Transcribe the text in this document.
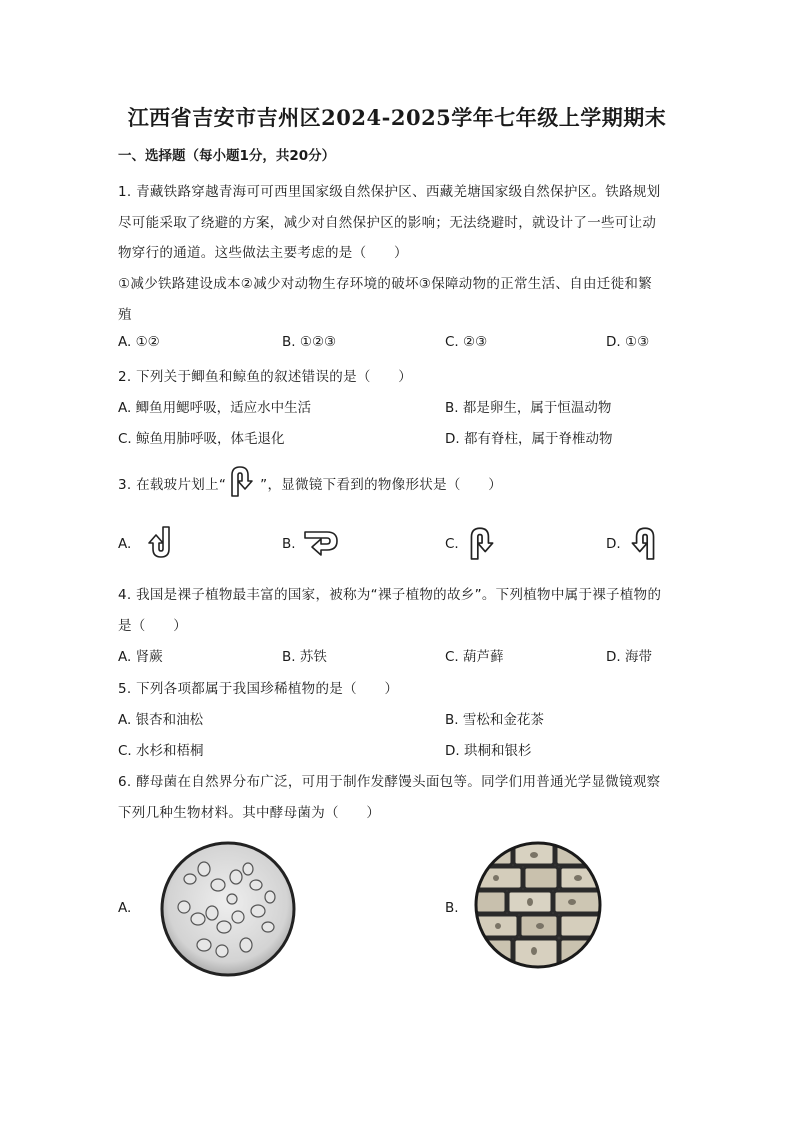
江西省吉安市吉州区2024-2025学年七年级上学期期末
一、选择题（每小题1分，共20分）
1. 青藏铁路穿越青海可可西里国家级自然保护区、西藏羌塘国家级自然保护区。铁路规划
尽可能采取了绕避的方案，减少对自然保护区的影响；无法绕避时，就设计了一些可让动
物穿行的通道。这些做法主要考虑的是（　　）
①减少铁路建设成本②减少对动物生存环境的破坏③保障动物的正常生活、自由迁徙和繁
殖
A. ①②	B. ①②③	C. ②③	D. ①③
2. 下列关于鲫鱼和鲸鱼的叙述错误的是（　　）
A. 鲫鱼用鳃呼吸，适应水中生活	B. 都是卵生，属于恒温动物
C. 鲸鱼用肺呼吸，体毛退化	D. 都有脊柱，属于脊椎动物
3. 在载玻片划上“	”，显微镜下看到的物像形状是（　　）
A.	B.	C.	D.
4. 我国是裸子植物最丰富的国家，被称为“裸子植物的故乡”。下列植物中属于裸子植物的
是（　　）
A. 肾蕨	B. 苏铁	C. 葫芦藓	D. 海带
5. 下列各项都属于我国珍稀植物的是（　　）
A. 银杏和油松	B. 雪松和金花茶
C. 水杉和梧桐	D. 珙桐和银杉
6. 酵母菌在自然界分布广泛，可用于制作发酵馒头面包等。同学们用普通光学显微镜观察
下列几种生物材料。其中酵母菌为（　　）
A.	B.
